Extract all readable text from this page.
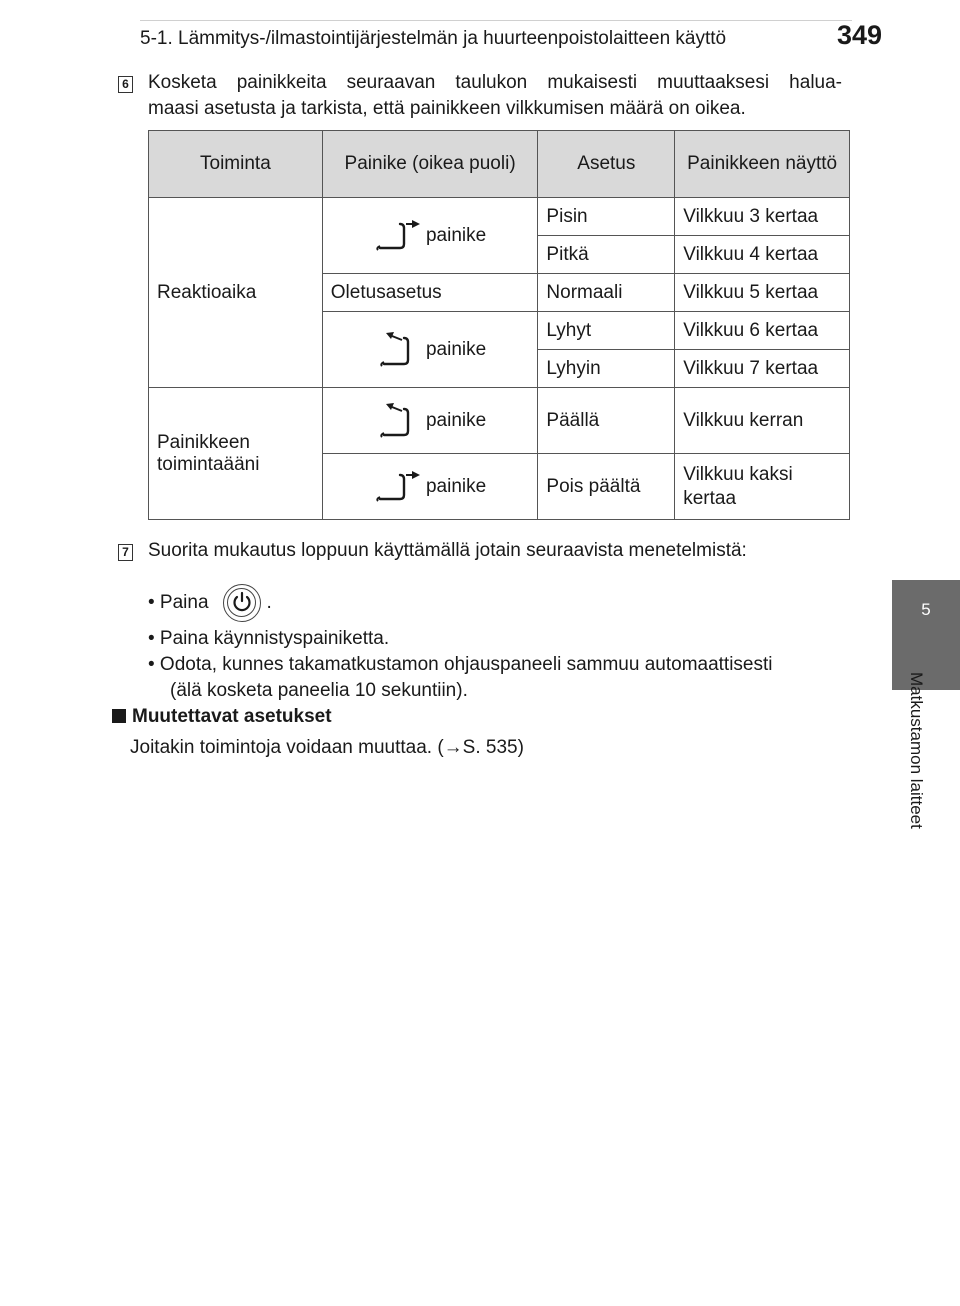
5-1. Lämmitys-/ilmastointijärjestelmän ja huurteenpoistolaitteen käyttö	349
5
Matkustamon laitteet
6 Kosketa painikkeita seuraavan taulukon mukaisesti muuttaaksesi halua-
maasi asetusta ja tarkista, että painikkeen vilkkumisen määrä on oikea.
Toiminta	Painike (oikea puoli)	Asetus	Painikkeen näyttö
Reaktioaika	painike	Pisin	Vilkkuu 3 kertaa
		Pitkä	Vilkkuu 4 kertaa
	Oletusasetus	Normaali	Vilkkuu 5 kertaa
	painike	Lyhyt	Vilkkuu 6 kertaa
		Lyhyin	Vilkkuu 7 kertaa

Painikkeen
toimintaääni	painike	Päällä	Vilkkuu kerran
	painike	Pois päältä	Vilkkuu kaksi kertaa
7 Suorita mukautus loppuun käyttämällä jotain seuraavista menetelmistä:
• Paina	.
• Paina käynnistyspainiketta.
• Odota, kunnes takamatkustamon ohjauspaneeli sammuu automaattisesti
(älä kosketa paneelia 10 sekuntiin).
Muutettavat asetukset
Joitakin toimintoja voidaan muuttaa. (→S. 535)
